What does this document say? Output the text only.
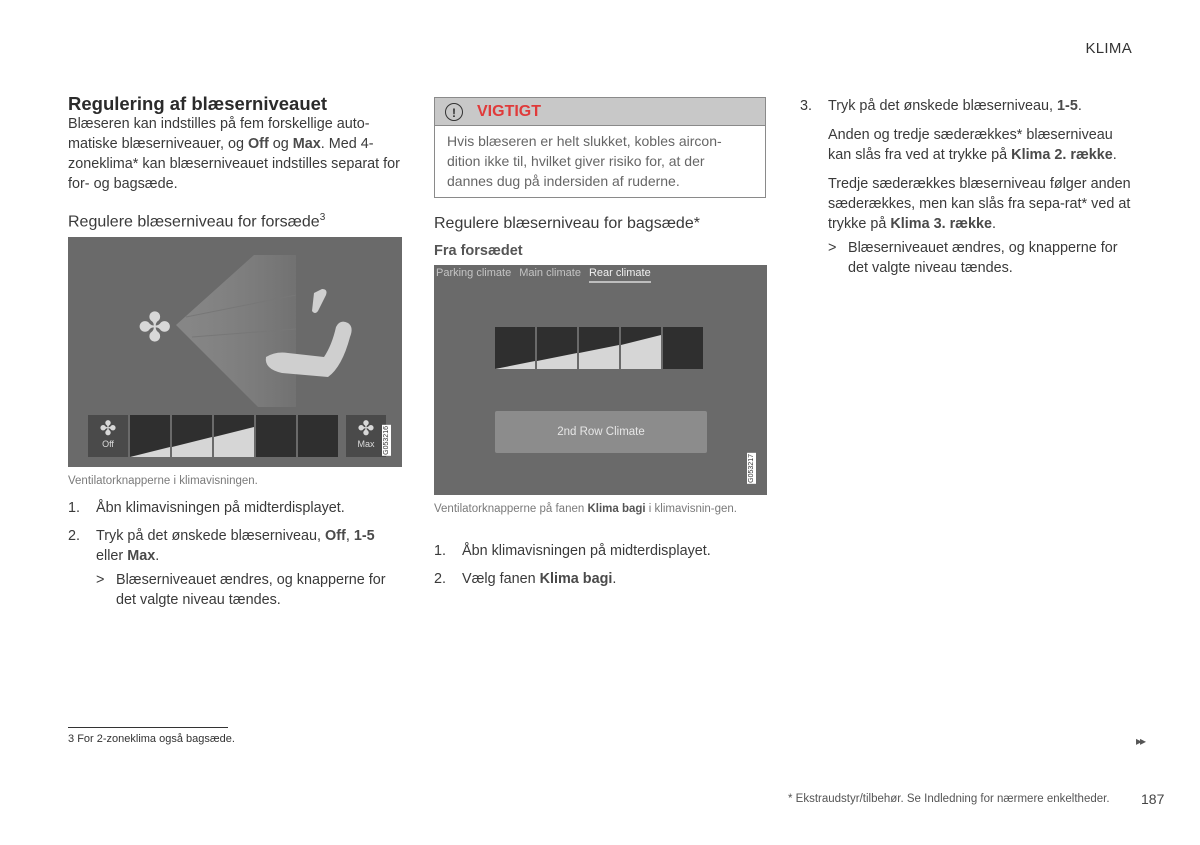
KLIMA

Regulering af blæserniveauet

Blæseren kan indstilles på fem forskellige auto-matiske blæserniveauer, og Off og Max. Med 4-zoneklima* kan blæserniveauet indstilles separat for for- og bagsæde.

Regulere blæserniveau for forsæde$^3$
✤
✤
Off
✤
Max	G053216
Ventilatorknapperne i klimavisningen.
1. Åbn klimavisningen på midterdisplayet.
2. Tryk på det ønskede blæserniveau, Off, 1-5 eller Max.
> Blæserniveauet ændres, og knapperne for det valgte niveau tændes.
!	VIGTIGT
Hvis blæseren er helt slukket, kobles aircon-dition ikke til, hvilket giver risiko for, at der dannes dug på indersiden af ruderne.
Regulere blæserniveau for bagsæde*
Fra forsædet
Parking climate Main climate Rear climate
2nd Row Climate
G053217
Ventilatorknapperne på fanen Klima bagi i klimavisnin-gen.
1. Åbn klimavisningen på midterdisplayet.
2. Vælg fanen Klima bagi.
3. Tryk på det ønskede blæserniveau, 1-5.

Anden og tredje sæderækkes* blæserniveau kan slås fra ved at trykke på Klima 2. række.

Tredje sæderækkes blæserniveau følger anden sæderækkes, men kan slås fra sepa-rat* ved at trykke på Klima 3. række.

> Blæserniveauet ændres, og knapperne for det valgte niveau tændes.
3 For 2-zoneklima også bagsæde.	▸▸
* Ekstraudstyr/tilbehør. Se Indledning for nærmere enkeltheder. 187
